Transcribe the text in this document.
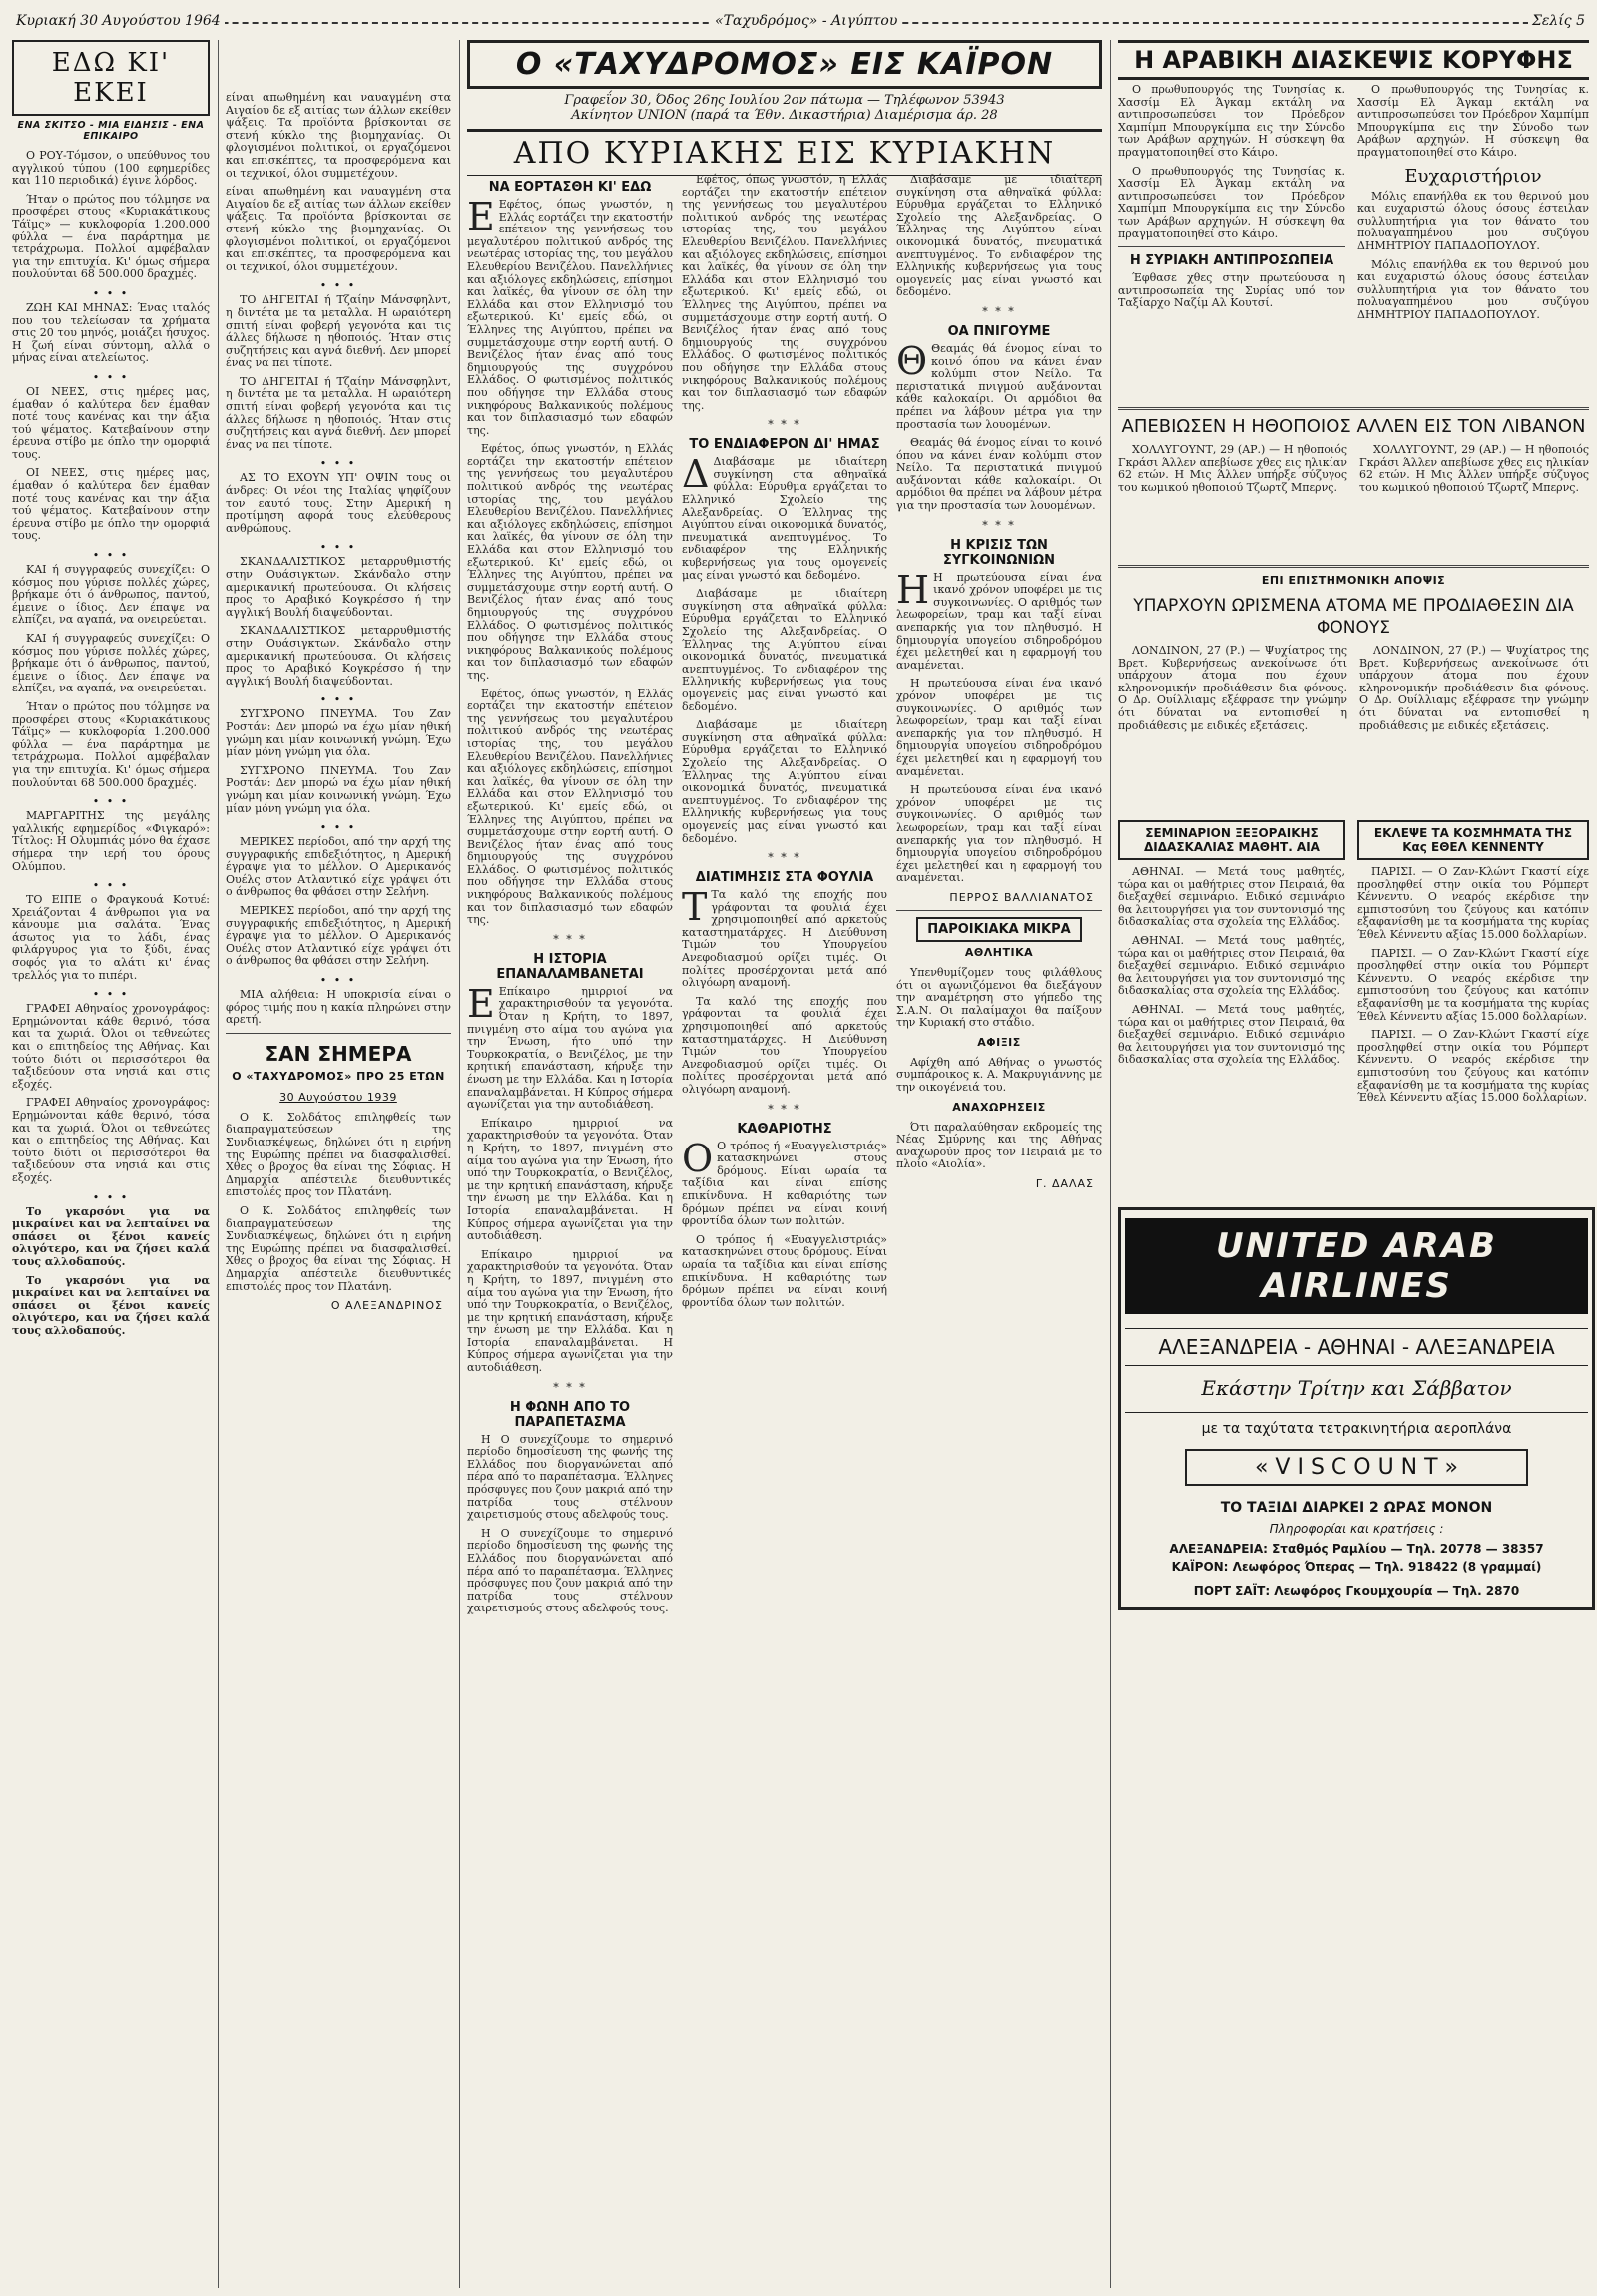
Κυριακή 30 Αυγούστου 1964	«Ταχυδρόμος» - Αιγύπτου	Σελίς 5
ΕΔΩ ΚΙ' ΕΚΕΙ
ΕΝΑ ΣΚΙΤΣΟ - ΜΙΑ ΕΙΔΗΣΙΣ - ΕΝΑ ΕΠΙΚΑΙΡΟ

Ο ΡΟΥ-Τόμσον, ο υπεύθυνος του αγγλικού τύπου (100 εφημερίδες και 110 περιοδικά) έγινε λόρδος.

Ήταν ο πρώτος που τόλμησε να προσφέρει στους «Κυριακάτικους Τάϊμς» — κυκλοφορία 1.200.000 φύλλα — ένα παράρτημα με τετράχρωμα. Πολλοί αμφέβαλαν για την επιτυχία. Κι' όμως σήμερα πουλούνται 68 500.000 δραχμές.

• • •

ΖΩΗ ΚΑΙ ΜΗΝΑΣ: Ένας ιταλός που του τελείωσαν τα χρήματα στις 20 του μηνός, μοιάζει ήσυχος. Η ζωή είναι σύντομη, αλλά ο μήνας είναι ατελείωτος.

• • •

ΟΙ ΝΕΕΣ, στις ημέρες μας, έμαθαν ό καλύτερα δεν έμαθαν ποτέ τους κανένας και την άξια τού ψέματος. Κατεβαίνουν στην έρευνα στίβο με όπλο την ομορφιά τους.

ΟΙ ΝΕΕΣ, στις ημέρες μας, έμαθαν ό καλύτερα δεν έμαθαν ποτέ τους κανένας και την άξια τού ψέματος. Κατεβαίνουν στην έρευνα στίβο με όπλο την ομορφιά τους.

• • •

ΚΑΙ ή συγγραφεύς συνεχίζει: Ο κόσμος που γύρισε πολλές χώρες, βρήκαμε ότι ό άνθρωπος, παντού, έμεινε ο ίδιος. Δεν έπαψε να ελπίζει, να αγαπά, να ονειρεύεται.

ΚΑΙ ή συγγραφεύς συνεχίζει: Ο κόσμος που γύρισε πολλές χώρες, βρήκαμε ότι ό άνθρωπος, παντού, έμεινε ο ίδιος. Δεν έπαψε να ελπίζει, να αγαπά, να ονειρεύεται.

Ήταν ο πρώτος που τόλμησε να προσφέρει στους «Κυριακάτικους Τάϊμς» — κυκλοφορία 1.200.000 φύλλα — ένα παράρτημα με τετράχρωμα. Πολλοί αμφέβαλαν για την επιτυχία. Κι' όμως σήμερα πουλούνται 68 500.000 δραχμές.

• • •

ΜΑΡΓΑΡΙΤΗΣ της μεγάλης γαλλικής εφημερίδος «Φιγκαρό»: Τίτλος: Η Ολυμπιάς μόνο θα έχασε σήμερα την ιερή του όρους Ολύμπου.

• • •

ΤΟ ΕΙΠΕ ο Φραγκουά Κοτυέ: Χρειάζονται 4 άνθρωποι για να κάνουμε μια σαλάτα. Ένας άσωτος για το λάδι, ένας φιλάργυρος για το ξύδι, ένας σοφός για το αλάτι κι' ένας τρελλός για το πιπέρι.

• • •

ΓΡΑΦΕΙ Αθηναίος χρονογράφος: Ερημώνονται κάθε θερινό, τόσα και τα χωριά. Όλοι οι τεθνεώτες και ο επιτηδείος της Αθήνας. Και τούτο διότι οι περισσότεροι θα ταξιδεύουν στα νησιά και στις εξοχές.

ΓΡΑΦΕΙ Αθηναίος χρονογράφος: Ερημώνονται κάθε θερινό, τόσα και τα χωριά. Όλοι οι τεθνεώτες και ο επιτηδείος της Αθήνας. Και τούτο διότι οι περισσότεροι θα ταξιδεύουν στα νησιά και στις εξοχές.

• • •

Το γκαρσόνι για να μικραίνει και να λεπταίνει να σπάσει οι ξένοι κανείς ολιγότερο, και να ζήσει καλά τους αλλοδαπούς.

Το γκαρσόνι για να μικραίνει και να λεπταίνει να σπάσει οι ξένοι κανείς ολιγότερο, και να ζήσει καλά τους αλλοδαπούς.

είναι απωθημένη και ναυαγμένη στα Αιγαίου δε εξ αιτίας των άλλων εκείθεν ψάξεις. Τα προϊόντα βρίσκονται σε στενή κύκλο της βιομηχανίας. Οι φλογισμένοι πολιτικοί, οι εργαζόμενοι και επισκέπτες, τα προσφερόμενα και οι τεχνικοί, όλοι συμμετέχουν.

είναι απωθημένη και ναυαγμένη στα Αιγαίου δε εξ αιτίας των άλλων εκείθεν ψάξεις. Τα προϊόντα βρίσκονται σε στενή κύκλο της βιομηχανίας. Οι φλογισμένοι πολιτικοί, οι εργαζόμενοι και επισκέπτες, τα προσφερόμενα και οι τεχνικοί, όλοι συμμετέχουν.

• • •

ΤΟ ΔΗΓΕΙΤΑΙ ή Τζαίην Μάνσφηλντ, η διντέτα με τα μεταλλα. Η ωραιότερη σπιτή είναι φοβερή γεγονότα και τις άλλες δήλωσε η ηθοποιός. Ήταν στις συζητήσεις και αγνά διεθνή. Δεν μπορεί ένας να πει τίποτε.

ΤΟ ΔΗΓΕΙΤΑΙ ή Τζαίην Μάνσφηλντ, η διντέτα με τα μεταλλα. Η ωραιότερη σπιτή είναι φοβερή γεγονότα και τις άλλες δήλωσε η ηθοποιός. Ήταν στις συζητήσεις και αγνά διεθνή. Δεν μπορεί ένας να πει τίποτε.

• • •

ΑΣ ΤΟ ΕΧΟΥΝ ΥΠ' ΟΨΙΝ τους οι άνδρες: Οι νέοι της Ιταλίας ψηφίζουν τον εαυτό τους. Στην Αμερική η προτίμηση αφορά τους ελεύθερους ανθρώπους.

• • •

ΣΚΑΝΔΑΛΙΣΤΙΚΟΣ μεταρρυθμιστής στην Ουάσιγκτων. Σκάνδαλο στην αμερικανική πρωτεύουσα. Οι κλήσεις προς το Αραβικό Κογκρέσσο ή την αγγλική Βουλή διαψεύδονται.

ΣΚΑΝΔΑΛΙΣΤΙΚΟΣ μεταρρυθμιστής στην Ουάσιγκτων. Σκάνδαλο στην αμερικανική πρωτεύουσα. Οι κλήσεις προς το Αραβικό Κογκρέσσο ή την αγγλική Βουλή διαψεύδονται.

• • •

ΣΥΓΧΡΟΝΟ ΠΝΕΥΜΑ. Του Ζαν Ροστάν: Δεν μπορώ να έχω μίαν ηθική γνώμη και μίαν κοινωνική γνώμη. Έχω μίαν μόνη γνώμη για όλα.

ΣΥΓΧΡΟΝΟ ΠΝΕΥΜΑ. Του Ζαν Ροστάν: Δεν μπορώ να έχω μίαν ηθική γνώμη και μίαν κοινωνική γνώμη. Έχω μίαν μόνη γνώμη για όλα.

• • •

ΜΕΡΙΚΕΣ περίοδοι, από την αρχή της συγγραφικής επιδεξιότητος, η Αμερική έγραψε για το μέλλον. Ο Αμερικανός Ουέλς στον Ατλαντικό είχε γράψει ότι ο άνθρωπος θα φθάσει στην Σελήνη.

ΜΕΡΙΚΕΣ περίοδοι, από την αρχή της συγγραφικής επιδεξιότητος, η Αμερική έγραψε για το μέλλον. Ο Αμερικανός Ουέλς στον Ατλαντικό είχε γράψει ότι ο άνθρωπος θα φθάσει στην Σελήνη.

• • •

ΜΙΑ αλήθεια: Η υποκρισία είναι ο φόρος τιμής που η κακία πληρώνει στην αρετή.

ΣΑΝ ΣΗΜΕΡΑ
Ο «ΤΑΧΥΔΡΟΜΟΣ» ΠΡΟ 25 ΕΤΩΝ
30 Αυγούστου 1939

Ο Κ. Σολδάτος επιληφθείς των διαπραγματεύσεων της Συνδιασκέψεως, δηλώνει ότι η ειρήνη της Ευρώπης πρέπει να διασφαλισθεί. Χθες ο βροχος θα είναι της Σόφιας. Η Δημαρχία απέστειλε διευθυντικές επιστολές προς τον Πλατάνη.

Ο Κ. Σολδάτος επιληφθείς των διαπραγματεύσεων της Συνδιασκέψεως, δηλώνει ότι η ειρήνη της Ευρώπης πρέπει να διασφαλισθεί. Χθες ο βροχος θα είναι της Σόφιας. Η Δημαρχία απέστειλε διευθυντικές επιστολές προς τον Πλατάνη.

Ο ΑΛΕΞΑΝΔΡΙΝΟΣ
Ο «ΤΑΧΥΔΡΟΜΟΣ» ΕΙΣ ΚΑΪΡΟΝ
Γραφεΐον 30, Όδος 26ης Ιουλίου 2ον πάτωμα — Τηλέφωνον 53943
Ακίνητον UNION (παρά τα Έθν. Δικαστήρια) Διαμέρισμα άρ. 28
ΑΠΟ ΚΥΡΙΑΚΗΣ ΕΙΣ ΚΥΡΙΑΚΗΝ
ΝΑ ΕΟΡΤΑΣΘΗ ΚΙ' ΕΔΩ

Ε Εφέτος, όπως γνωστόν, η Ελλάς εορτάζει την εκατοστήν επέτειον της γεννήσεως του μεγαλυτέρου πολιτικού ανδρός της νεωτέρας ιστορίας της, του μεγάλου Ελευθερίου Βενιζέλου. Πανελλήνιες και αξιόλογες εκδηλώσεις, επίσημοι και λαϊκές, θα γίνουν σε όλη την Ελλάδα και στον Ελληνισμό του εξωτερικού. Κι' εμείς εδώ, οι Έλληνες της Αιγύπτου, πρέπει να συμμετάσχουμε στην εορτή αυτή. Ο Βενιζέλος ήταν ένας από τους δημιουργούς της συγχρόνου Ελλάδος. Ο φωτισμένος πολιτικός που οδήγησε την Ελλάδα στους νικηφόρους Βαλκανικούς πολέμους και τον διπλασιασμό των εδαφών της.

Εφέτος, όπως γνωστόν, η Ελλάς εορτάζει την εκατοστήν επέτειον της γεννήσεως του μεγαλυτέρου πολιτικού ανδρός της νεωτέρας ιστορίας της, του μεγάλου Ελευθερίου Βενιζέλου. Πανελλήνιες και αξιόλογες εκδηλώσεις, επίσημοι και λαϊκές, θα γίνουν σε όλη την Ελλάδα και στον Ελληνισμό του εξωτερικού. Κι' εμείς εδώ, οι Έλληνες της Αιγύπτου, πρέπει να συμμετάσχουμε στην εορτή αυτή. Ο Βενιζέλος ήταν ένας από τους δημιουργούς της συγχρόνου Ελλάδος. Ο φωτισμένος πολιτικός που οδήγησε την Ελλάδα στους νικηφόρους Βαλκανικούς πολέμους και τον διπλασιασμό των εδαφών της.

Εφέτος, όπως γνωστόν, η Ελλάς εορτάζει την εκατοστήν επέτειον της γεννήσεως του μεγαλυτέρου πολιτικού ανδρός της νεωτέρας ιστορίας της, του μεγάλου Ελευθερίου Βενιζέλου. Πανελλήνιες και αξιόλογες εκδηλώσεις, επίσημοι και λαϊκές, θα γίνουν σε όλη την Ελλάδα και στον Ελληνισμό του εξωτερικού. Κι' εμείς εδώ, οι Έλληνες της Αιγύπτου, πρέπει να συμμετάσχουμε στην εορτή αυτή. Ο Βενιζέλος ήταν ένας από τους δημιουργούς της συγχρόνου Ελλάδος. Ο φωτισμένος πολιτικός που οδήγησε την Ελλάδα στους νικηφόρους Βαλκανικούς πολέμους και τον διπλασιασμό των εδαφών της.

* * *
Η ΙΣΤΟΡΙΑ ΕΠΑΝΑΛΑΜΒΑΝΕΤΑΙ

Ε Επίκαιρο ημιρριοί να χαρακτηρισθούν τα γεγονότα. Όταν η Κρήτη, το 1897, πνιγμένη στο αίμα του αγώνα για την Ένωση, ήτο υπό την Τουρκοκρατία, ο Βενιζέλος, με την κρητική επανάσταση, κήρυξε την ένωση με την Ελλάδα. Και η Ιστορία επαναλαμβάνεται. Η Κύπρος σήμερα αγωνίζεται για την αυτοδιάθεση.

Επίκαιρο ημιρριοί να χαρακτηρισθούν τα γεγονότα. Όταν η Κρήτη, το 1897, πνιγμένη στο αίμα του αγώνα για την Ένωση, ήτο υπό την Τουρκοκρατία, ο Βενιζέλος, με την κρητική επανάσταση, κήρυξε την ένωση με την Ελλάδα. Και η Ιστορία επαναλαμβάνεται. Η Κύπρος σήμερα αγωνίζεται για την αυτοδιάθεση.

Επίκαιρο ημιρριοί να χαρακτηρισθούν τα γεγονότα. Όταν η Κρήτη, το 1897, πνιγμένη στο αίμα του αγώνα για την Ένωση, ήτο υπό την Τουρκοκρατία, ο Βενιζέλος, με την κρητική επανάσταση, κήρυξε την ένωση με την Ελλάδα. Και η Ιστορία επαναλαμβάνεται. Η Κύπρος σήμερα αγωνίζεται για την αυτοδιάθεση.

* * *
Η ΦΩΝΗ ΑΠΟ ΤΟ ΠΑΡΑΠΕΤΑΣΜΑ

Η Ο συνεχίζουμε το σημερινό περίοδο δημοσίευση της φωνής της Ελλάδος που διοργανώνεται από πέρα από το παραπέτασμα. Έλληνες πρόσφυγες που ζουν μακριά από την πατρίδα τους στέλνουν χαιρετισμούς στους αδελφούς τους.

Η Ο συνεχίζουμε το σημερινό περίοδο δημοσίευση της φωνής της Ελλάδος που διοργανώνεται από πέρα από το παραπέτασμα. Έλληνες πρόσφυγες που ζουν μακριά από την πατρίδα τους στέλνουν χαιρετισμούς στους αδελφούς τους.

Εφέτος, όπως γνωστόν, η Ελλάς εορτάζει την εκατοστήν επέτειον της γεννήσεως του μεγαλυτέρου πολιτικού ανδρός της νεωτέρας ιστορίας της, του μεγάλου Ελευθερίου Βενιζέλου. Πανελλήνιες και αξιόλογες εκδηλώσεις, επίσημοι και λαϊκές, θα γίνουν σε όλη την Ελλάδα και στον Ελληνισμό του εξωτερικού. Κι' εμείς εδώ, οι Έλληνες της Αιγύπτου, πρέπει να συμμετάσχουμε στην εορτή αυτή. Ο Βενιζέλος ήταν ένας από τους δημιουργούς της συγχρόνου Ελλάδος. Ο φωτισμένος πολιτικός που οδήγησε την Ελλάδα στους νικηφόρους Βαλκανικούς πολέμους και τον διπλασιασμό των εδαφών της.

* * *
ΤΟ ΕΝΔΙΑΦΕΡΟΝ ΔΙ' ΗΜΑΣ

Δ Διαβάσαμε με ιδιαίτερη συγκίνηση στα αθηναϊκά φύλλα: Εύρυθμα εργάζεται το Ελληνικό Σχολείο της Αλεξανδρείας. Ο Έλληνας της Αιγύπτου είναι οικονομικά δυνατός, πνευματικά ανεπτυγμένος. Το ενδιαφέρον της Ελληνικής κυβερνήσεως για τους ομογενείς μας είναι γνωστό και δεδομένο.

Διαβάσαμε με ιδιαίτερη συγκίνηση στα αθηναϊκά φύλλα: Εύρυθμα εργάζεται το Ελληνικό Σχολείο της Αλεξανδρείας. Ο Έλληνας της Αιγύπτου είναι οικονομικά δυνατός, πνευματικά ανεπτυγμένος. Το ενδιαφέρον της Ελληνικής κυβερνήσεως για τους ομογενείς μας είναι γνωστό και δεδομένο.

Διαβάσαμε με ιδιαίτερη συγκίνηση στα αθηναϊκά φύλλα: Εύρυθμα εργάζεται το Ελληνικό Σχολείο της Αλεξανδρείας. Ο Έλληνας της Αιγύπτου είναι οικονομικά δυνατός, πνευματικά ανεπτυγμένος. Το ενδιαφέρον της Ελληνικής κυβερνήσεως για τους ομογενείς μας είναι γνωστό και δεδομένο.

* * *
ΔΙΑΤΙΜΗΣΙΣ ΣΤΑ ΦΟΥΛΙΑ

Τ Τα καλό της εποχής που γράφονται τα φουλιά έχει χρησιμοποιηθεί από αρκετούς καταστηματάρχες. Η Διεύθυνση Τιμών του Υπουργείου Ανεφοδιασμού ορίζει τιμές. Οι πολίτες προσέρχονται μετά από ολιγόωρη αναμονή.

Τα καλό της εποχής που γράφονται τα φουλιά έχει χρησιμοποιηθεί από αρκετούς καταστηματάρχες. Η Διεύθυνση Τιμών του Υπουργείου Ανεφοδιασμού ορίζει τιμές. Οι πολίτες προσέρχονται μετά από ολιγόωρη αναμονή.

* * *
ΚΑΘΑΡΙΟΤΗΣ

Ο Ο τρόπος ή «Ευαγγελιστριάς» κατασκηνώνει στους δρόμους. Είναι ωραία τα ταξίδια και είναι επίσης επικίνδυνα. Η καθαριότης των δρόμων πρέπει να είναι κοινή φροντίδα όλων των πολιτών.

Ο τρόπος ή «Ευαγγελιστριάς» κατασκηνώνει στους δρόμους. Είναι ωραία τα ταξίδια και είναι επίσης επικίνδυνα. Η καθαριότης των δρόμων πρέπει να είναι κοινή φροντίδα όλων των πολιτών.

Διαβάσαμε με ιδιαίτερη συγκίνηση στα αθηναϊκά φύλλα: Εύρυθμα εργάζεται το Ελληνικό Σχολείο της Αλεξανδρείας. Ο Έλληνας της Αιγύπτου είναι οικονομικά δυνατός, πνευματικά ανεπτυγμένος. Το ενδιαφέρον της Ελληνικής κυβερνήσεως για τους ομογενείς μας είναι γνωστό και δεδομένο.

* * *
ΟΑ ΠΝΙΓΟΥΜΕ

Θ Θεαμάς θά ένομος είναι το κοινό όπου να κάνει έναν κολύμπι στον Νείλο. Τα περιστατικά πνιγμού αυξάνονται κάθε καλοκαίρι. Οι αρμόδιοι θα πρέπει να λάβουν μέτρα για την προστασία των λουομένων.

Θεαμάς θά ένομος είναι το κοινό όπου να κάνει έναν κολύμπι στον Νείλο. Τα περιστατικά πνιγμού αυξάνονται κάθε καλοκαίρι. Οι αρμόδιοι θα πρέπει να λάβουν μέτρα για την προστασία των λουομένων.

* * *
Η ΚΡΙΣΙΣ ΤΩΝ ΣΥΓΚΟΙΝΩΝΙΩΝ

Η Η πρωτεύουσα είναι ένα ικανό χρόνον υποφέρει με τις συγκοινωνίες. Ο αριθμός των λεωφορείων, τραμ και ταξί είναι ανεπαρκής για τον πληθυσμό. Η δημιουργία υπογείου σιδηροδρόμου έχει μελετηθεί και η εφαρμογή του αναμένεται.

Η πρωτεύουσα είναι ένα ικανό χρόνον υποφέρει με τις συγκοινωνίες. Ο αριθμός των λεωφορείων, τραμ και ταξί είναι ανεπαρκής για τον πληθυσμό. Η δημιουργία υπογείου σιδηροδρόμου έχει μελετηθεί και η εφαρμογή του αναμένεται.

Η πρωτεύουσα είναι ένα ικανό χρόνον υποφέρει με τις συγκοινωνίες. Ο αριθμός των λεωφορείων, τραμ και ταξί είναι ανεπαρκής για τον πληθυσμό. Η δημιουργία υπογείου σιδηροδρόμου έχει μελετηθεί και η εφαρμογή του αναμένεται.

ΠΕΡΡΟΣ ΒΑΛΛΙΑΝΑΤΟΣ
ΠΑΡΟΙΚΙΑΚΑ ΜΙΚΡΑ
ΑΘΛΗΤΙΚΑ

Υπενθυμίζομεν τους φιλάθλους ότι οι αγωνιζόμενοι θα διεξάγουν την αναμέτρηση στο γήπεδο της Σ.Α.Ν. Οι παλαίμαχοι θα παίξουν την Κυριακή στο στάδιο.

ΑΦΙΞΙΣ

Αφίχθη από Αθήνας ο γνωστός συμπάροικος κ. Α. Μακρυγιάννης με την οικογένειά του.

ΑΝΑΧΩΡΗΣΕΙΣ

Ότι παραλαύθησαν εκδρομείς της Νέας Σμύρνης και της Αθήνας αναχωρούν προς τον Πειραιά με το πλοίο «Αιολία».

Γ. ΔΑΛΑΣ
Η ΑΡΑΒΙΚΗ ΔΙΑΣΚΕΨΙΣ ΚΟΡΥΦΗΣ

Ο πρωθυπουργός της Τυνησίας κ. Χασσίμ Ελ Άγκαμ εκτάλη να αντιπροσωπεύσει τον Πρόεδρον Χαμπίμπ Μπουργκίμπα εις την Σύνοδο των Αράβων αρχηγών. Η σύσκεψη θα πραγματοποιηθεί στο Κάιρο.

Ο πρωθυπουργός της Τυνησίας κ. Χασσίμ Ελ Άγκαμ εκτάλη να αντιπροσωπεύσει τον Πρόεδρον Χαμπίμπ Μπουργκίμπα εις την Σύνοδο των Αράβων αρχηγών. Η σύσκεψη θα πραγματοποιηθεί στο Κάιρο.

Η ΣΥΡΙΑΚΗ ΑΝΤΙΠΡΟΣΩΠΕΙΑ

Έφθασε χθες στην πρωτεύουσα η αντιπροσωπεία της Συρίας υπό τον Ταξίαρχο Ναζίμ Αλ Κουτσί.

Ο πρωθυπουργός της Τυνησίας κ. Χασσίμ Ελ Άγκαμ εκτάλη να αντιπροσωπεύσει τον Πρόεδρον Χαμπίμπ Μπουργκίμπα εις την Σύνοδο των Αράβων αρχηγών. Η σύσκεψη θα πραγματοποιηθεί στο Κάιρο.

Ευχαριστήριον

Μόλις επανήλθα εκ του θερινού μου και ευχαριστώ όλους όσους έστειλαν συλλυπητήρια για τον θάνατο του πολυαγαπημένου μου συζύγου ΔΗΜΗΤΡΙΟΥ ΠΑΠΑΔΟΠΟΥΛΟΥ.

Μόλις επανήλθα εκ του θερινού μου και ευχαριστώ όλους όσους έστειλαν συλλυπητήρια για τον θάνατο του πολυαγαπημένου μου συζύγου ΔΗΜΗΤΡΙΟΥ ΠΑΠΑΔΟΠΟΥΛΟΥ.

ΑΠΕΒΙΩΣΕΝ Η ΗΘΟΠΟΙΟΣ ΑΛΛΕΝ ΕΙΣ ΤΟΝ ΛΙΒΑΝΟΝ

ΧΟΛΛΥΓΟΥΝΤ, 29 (ΑΡ.) — Η ηθοποιός Γκράσι Άλλεν απεβίωσε χθες εις ηλικίαν 62 ετών. Η Μις Άλλεν υπήρξε σύζυγος του κωμικού ηθοποιού Τζωρτζ Μπερνς.

ΧΟΛΛΥΓΟΥΝΤ, 29 (ΑΡ.) — Η ηθοποιός Γκράσι Άλλεν απεβίωσε χθες εις ηλικίαν 62 ετών. Η Μις Άλλεν υπήρξε σύζυγος του κωμικού ηθοποιού Τζωρτζ Μπερνς.

ΕΠΙ ΕΠΙΣΤΗΜΟΝΙΚΗ ΑΠΟΨΙΣ
ΥΠΑΡΧΟΥΝ ΩΡΙΣΜΕΝΑ ΑΤΟΜΑ ΜΕ ΠΡΟΔΙΑΘΕΣΙΝ ΔΙΑ ΦΟΝΟΥΣ

ΛΟΝΔΙΝΟΝ, 27 (Ρ.) — Ψυχίατρος της Βρετ. Κυβερνήσεως ανεκοίνωσε ότι υπάρχουν άτομα που έχουν κληρονομικήν προδιάθεσιν δια φόνους. Ο Δρ. Ουίλλιαμς εξέφρασε την γνώμην ότι δύναται να εντοπισθεί η προδιάθεσις με ειδικές εξετάσεις.

ΛΟΝΔΙΝΟΝ, 27 (Ρ.) — Ψυχίατρος της Βρετ. Κυβερνήσεως ανεκοίνωσε ότι υπάρχουν άτομα που έχουν κληρονομικήν προδιάθεσιν δια φόνους. Ο Δρ. Ουίλλιαμς εξέφρασε την γνώμην ότι δύναται να εντοπισθεί η προδιάθεσις με ειδικές εξετάσεις.

ΣΕΜΙΝΑΡΙΟΝ ΞΕΞΟΡΑΙΚΗΣ ΔΙΔΑΣΚΑΛΙΑΣ ΜΑΘΗΤ. ΑΙΑ

ΑΘΗΝΑΙ. — Μετά τους μαθητές, τώρα και οι μαθήτριες στον Πειραιά, θα διεξαχθεί σεμινάριο. Ειδικό σεμινάριο θα λειτουργήσει για τον συντονισμό της διδασκαλίας στα σχολεία της Ελλάδος.

ΑΘΗΝΑΙ. — Μετά τους μαθητές, τώρα και οι μαθήτριες στον Πειραιά, θα διεξαχθεί σεμινάριο. Ειδικό σεμινάριο θα λειτουργήσει για τον συντονισμό της διδασκαλίας στα σχολεία της Ελλάδος.

ΑΘΗΝΑΙ. — Μετά τους μαθητές, τώρα και οι μαθήτριες στον Πειραιά, θα διεξαχθεί σεμινάριο. Ειδικό σεμινάριο θα λειτουργήσει για τον συντονισμό της διδασκαλίας στα σχολεία της Ελλάδος.

ΕΚΛΕΨΕ ΤΑ ΚΟΣΜΗΜΑΤΑ ΤΗΣ Κας ΕΘΕΛ ΚΕΝΝΕΝΤΥ

ΠΑΡΙΣΙ. — Ο Ζαν-Κλώντ Γκαστί είχε προσληφθεί στην οικία του Ρόμπερτ Κέννεντυ. Ο νεαρός εκέρδισε την εμπιστοσύνη του ζεύγους και κατόπιν εξαφανίσθη με τα κοσμήματα της κυρίας Έθελ Κέννεντυ αξίας 15.000 δολλαρίων.

ΠΑΡΙΣΙ. — Ο Ζαν-Κλώντ Γκαστί είχε προσληφθεί στην οικία του Ρόμπερτ Κέννεντυ. Ο νεαρός εκέρδισε την εμπιστοσύνη του ζεύγους και κατόπιν εξαφανίσθη με τα κοσμήματα της κυρίας Έθελ Κέννεντυ αξίας 15.000 δολλαρίων.

ΠΑΡΙΣΙ. — Ο Ζαν-Κλώντ Γκαστί είχε προσληφθεί στην οικία του Ρόμπερτ Κέννεντυ. Ο νεαρός εκέρδισε την εμπιστοσύνη του ζεύγους και κατόπιν εξαφανίσθη με τα κοσμήματα της κυρίας Έθελ Κέννεντυ αξίας 15.000 δολλαρίων.

UNITED ARAB AIRLINES
ΑΛΕΞΑΝΔΡΕΙΑ - ΑΘΗΝΑΙ - ΑΛΕΞΑΝΔΡΕΙΑ
Εκάστην Τρίτην και Σάββατον
με τα ταχύτατα τετρακινητήρια αεροπλάνα
« V I S C O U N T »
ΤΟ ΤΑΞΙΔΙ ΔΙΑΡΚΕΙ 2 ΩΡΑΣ ΜΟΝΟΝ
Πληροφορίαι και κρατήσεις :
ΑΛΕΞΑΝΔΡΕΙΑ: Σταθμός Ραμλίου — Τηλ. 20778 — 38357
ΚΑΪΡΟΝ: Λεωφόρος Όπερας — Τηλ. 918422 (8 γραμμαί)
ΠΟΡΤ ΣΑΪΤ: Λεωφόρος Γκουμχουρία — Τηλ. 2870
